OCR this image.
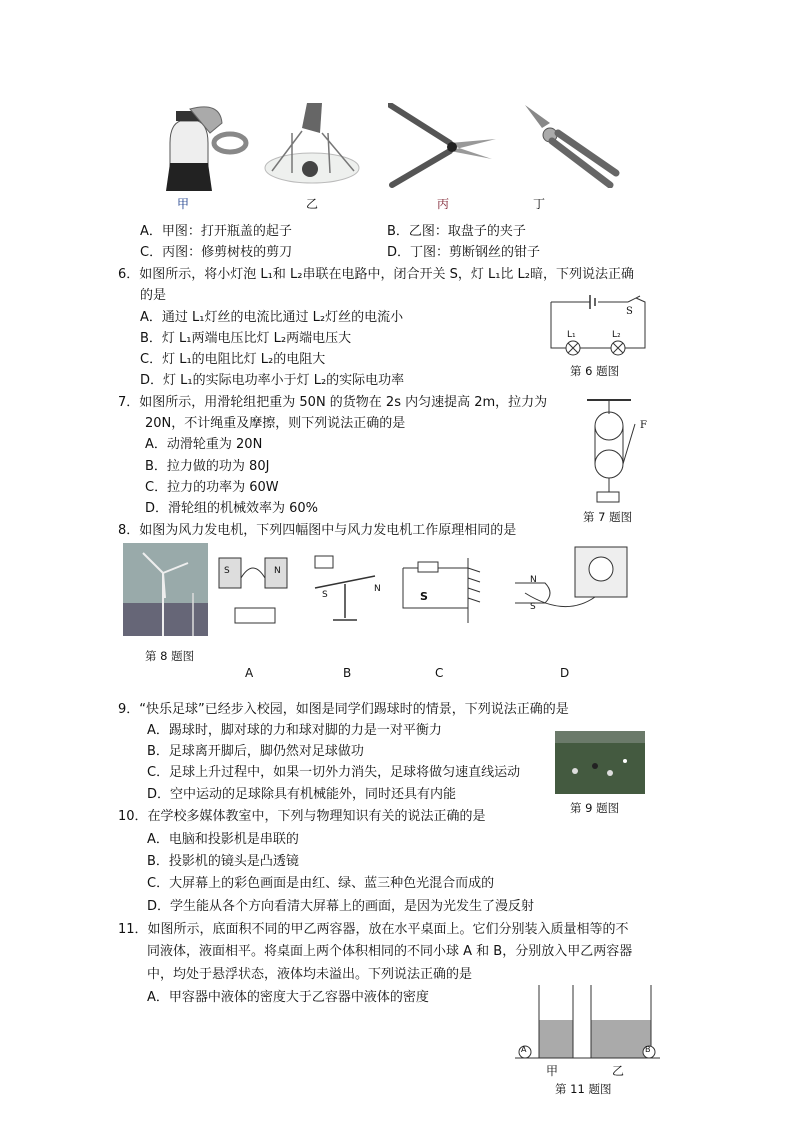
甲	乙	丙	丁
A．甲图：打开瓶盖的起子	B．乙图：取盘子的夹子
C．丙图：修剪树枝的剪刀	D．丁图：剪断钢丝的钳子
6．如图所示，将小灯泡 L₁和 L₂串联在电路中，闭合开关 S，灯 L₁比 L₂暗，下列说法正确
的是
A．通过 L₁灯丝的电流比通过 L₂灯丝的电流小
B．灯 L₁两端电压比灯 L₂两端电压大
C．灯 L₁的电阻比灯 L₂的电阻大
D．灯 L₁的实际电功率小于灯 L₂的实际电功率
S
L₁	L₂
第 6 题图
7．如图所示，用滑轮组把重为 50N 的货物在 2s 内匀速提高 2m，拉力为
20N，不计绳重及摩擦，则下列说法正确的是
A．动滑轮重为 20N
B．拉力做的功为 80J
C．拉力的功率为 60W
D．滑轮组的机械效率为 60%
F
第 7 题图
8．如图为风力发电机，下列四幅图中与风力发电机工作原理相同的是
S	N
S
N
S
N
S
第 8 题图
A	B	C	D
9．“快乐足球”已经步入校园，如图是同学们踢球时的情景，下列说法正确的是
A．踢球时，脚对球的力和球对脚的力是一对平衡力
B．足球离开脚后，脚仍然对足球做功
C．足球上升过程中，如果一切外力消失，足球将做匀速直线运动
D．空中运动的足球除具有机械能外，同时还具有内能
第 9 题图
10．在学校多媒体教室中，下列与物理知识有关的说法正确的是
A．电脑和投影机是串联的
B．投影机的镜头是凸透镜
C．大屏幕上的彩色画面是由红、绿、蓝三种色光混合而成的
D．学生能从各个方向看清大屏幕上的画面，是因为光发生了漫反射
11．如图所示，底面积不同的甲乙两容器，放在水平桌面上。它们分别装入质量相等的不
同液体，液面相平。将桌面上两个体积相同的不同小球 A 和 B，分别放入甲乙两容器
中，均处于悬浮状态，液体均未溢出。下列说法正确的是
A．甲容器中液体的密度大于乙容器中液体的密度
A	B
甲	乙
第 11 题图
